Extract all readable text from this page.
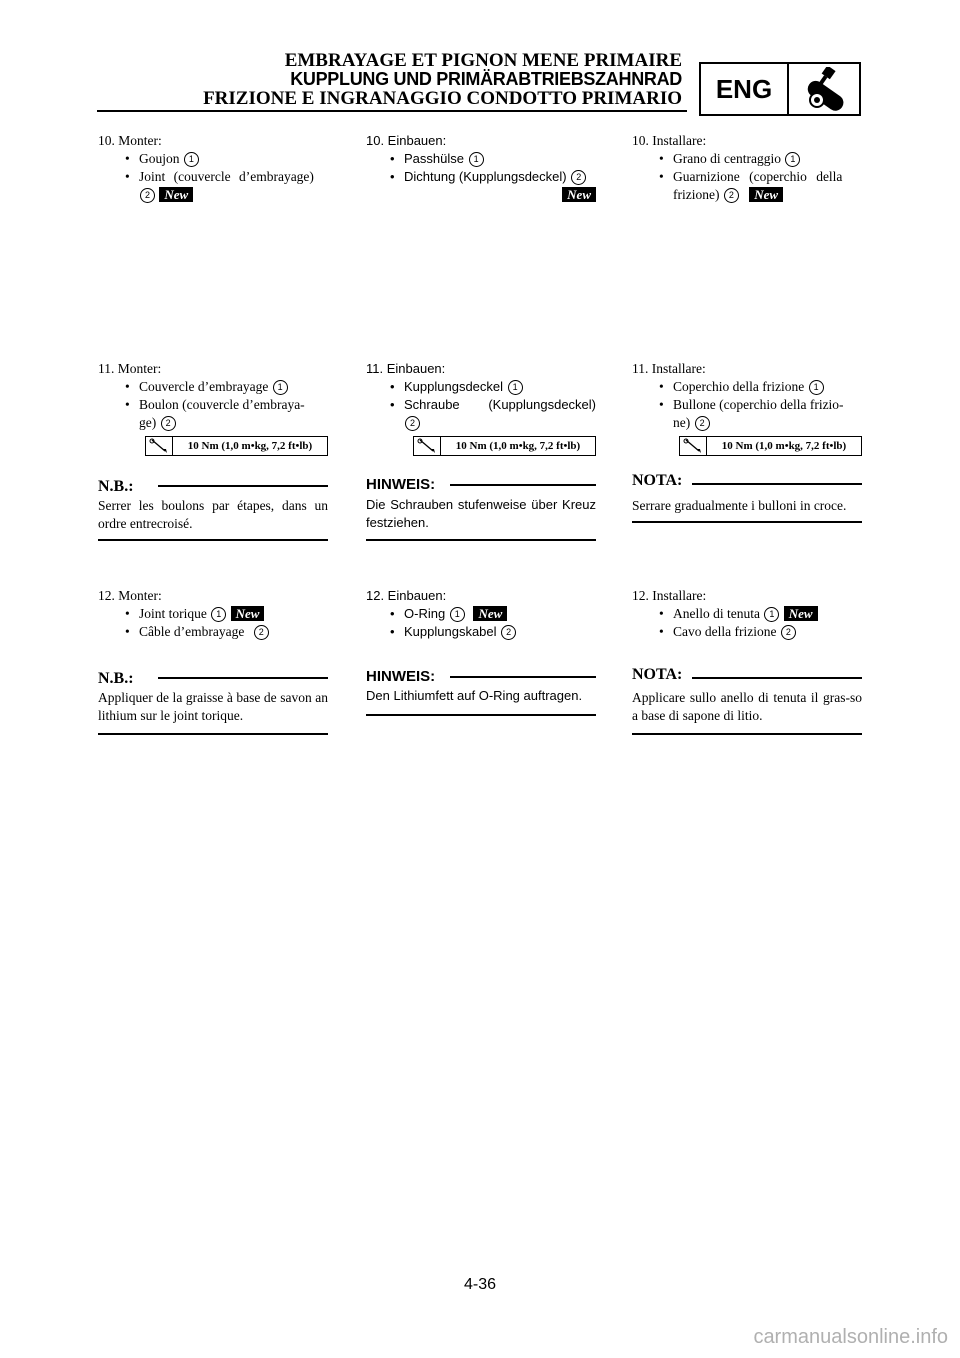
EMBRAYAGE ET PIGNON MENE PRIMAIRE
KUPPLUNG UND PRIMÄRABTRIEBSZAHNRAD
FRIZIONE E INGRANAGGIO CONDOTTO PRIMARIO	ENG
10. Monter:
• Goujon 1
• Joint (couvercle d’embrayage)
2 New
11. Monter:
• Couvercle d’embrayage 1
• Boulon (couvercle d’embraya-
ge) 2
10 Nm (1,0 m•kg, 7,2 ft•lb)
N.B.:
Serrer les boulons par étapes, dans un ordre entrecroisé.
12. Monter:
• Joint torique 1 New
• Câble d’embrayage 2
N.B.:
Appliquer de la graisse à base de savon an lithium sur le joint torique.
10. Einbauen:
• Passhülse 1
• Dichtung (Kupplungsdeckel) 2
New
11. Einbauen:
• Kupplungsdeckel 1
• Schraube (Kupplungsdeckel)
2
10 Nm (1,0 m•kg, 7,2 ft•lb)
HINWEIS:
Die Schrauben stufenweise über Kreuz festziehen.
12. Einbauen:
• O-Ring 1 New
• Kupplungskabel 2
HINWEIS:
Den Lithiumfett auf O-Ring auftragen.
10. Installare:
• Grano di centraggio 1
• Guarnizione (coperchio della
frizione) 2 New
11. Installare:
• Coperchio della frizione 1
• Bullone (coperchio della frizio-
ne) 2
10 Nm (1,0 m•kg, 7,2 ft•lb)
NOTA:
Serrare gradualmente i bulloni in croce.
12. Installare:
• Anello di tenuta 1 New
• Cavo della frizione 2
NOTA:
Applicare sullo anello di tenuta il gras-so a base di sapone di litio.
4-36
carmanualsonline.info
